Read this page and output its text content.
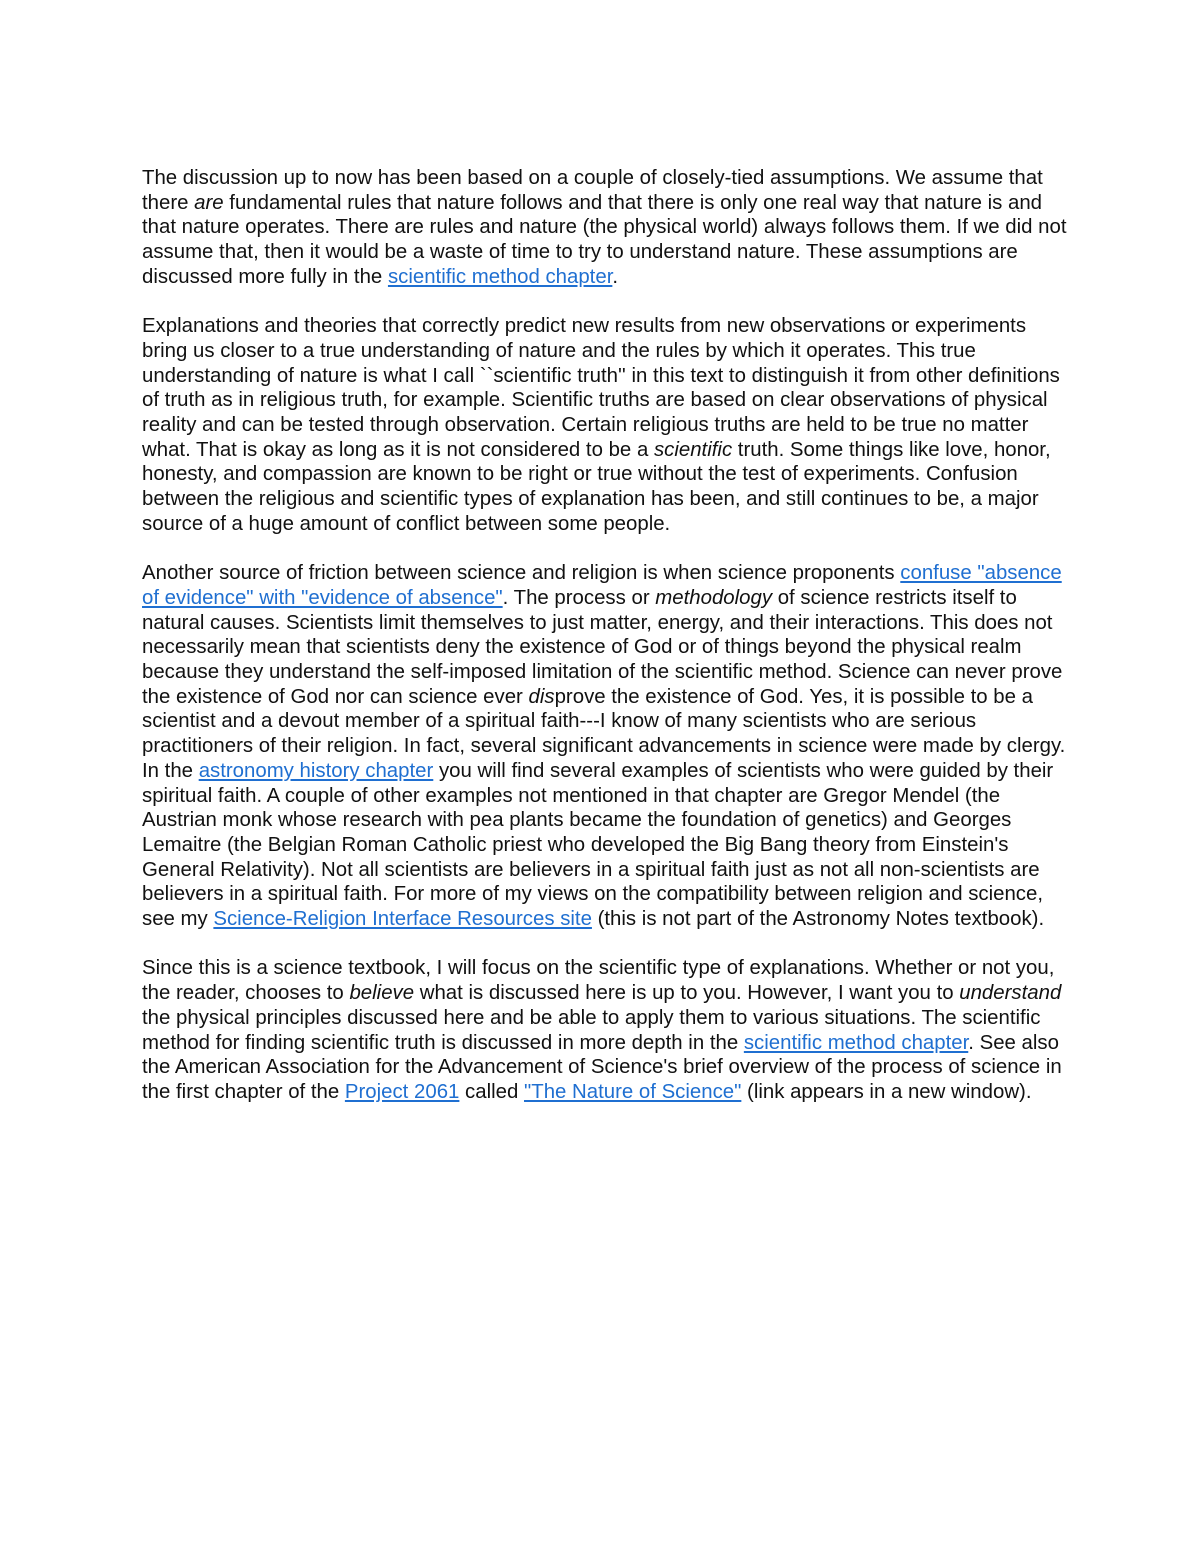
The discussion up to now has been based on a couple of closely-tied assumptions. We assume that there are fundamental rules that nature follows and that there is only one real way that nature is and that nature operates. There are rules and nature (the physical world) always follows them. If we did not assume that, then it would be a waste of time to try to understand nature. These assumptions are discussed more fully in the scientific method chapter.

Explanations and theories that correctly predict new results from new observations or experiments bring us closer to a true understanding of nature and the rules by which it operates. This true understanding of nature is what I call ``scientific truth'' in this text to distinguish it from other definitions of truth as in religious truth, for example. Scientific truths are based on clear observations of physical reality and can be tested through observation. Certain religious truths are held to be true no matter what. That is okay as long as it is not considered to be a scientific truth. Some things like love, honor, honesty, and compassion are known to be right or true without the test of experiments. Confusion between the religious and scientific types of explanation has been, and still continues to be, a major source of a huge amount of conflict between some people.

Another source of friction between science and religion is when science proponents confuse "absence of evidence" with "evidence of absence". The process or methodology of science restricts itself to natural causes. Scientists limit themselves to just matter, energy, and their interactions. This does not necessarily mean that scientists deny the existence of God or of things beyond the physical realm because they understand the self-imposed limitation of the scientific method. Science can never prove the existence of God nor can science ever disprove the existence of God. Yes, it is possible to be a scientist and a devout member of a spiritual faith---I know of many scientists who are serious practitioners of their religion. In fact, several significant advancements in science were made by clergy. In the astronomy history chapter you will find several examples of scientists who were guided by their spiritual faith. A couple of other examples not mentioned in that chapter are Gregor Mendel (the Austrian monk whose research with pea plants became the foundation of genetics) and Georges Lemaitre (the Belgian Roman Catholic priest who developed the Big Bang theory from Einstein's General Relativity). Not all scientists are believers in a spiritual faith just as not all non-scientists are believers in a spiritual faith. For more of my views on the compatibility between religion and science, see my Science-Religion Interface Resources site (this is not part of the Astronomy Notes textbook).

Since this is a science textbook, I will focus on the scientific type of explanations. Whether or not you, the reader, chooses to believe what is discussed here is up to you. However, I want you to understand the physical principles discussed here and be able to apply them to various situations. The scientific method for finding scientific truth is discussed in more depth in the scientific method chapter. See also the American Association for the Advancement of Science's brief overview of the process of science in the first chapter of the Project 2061 called "The Nature of Science" (link appears in a new window).
